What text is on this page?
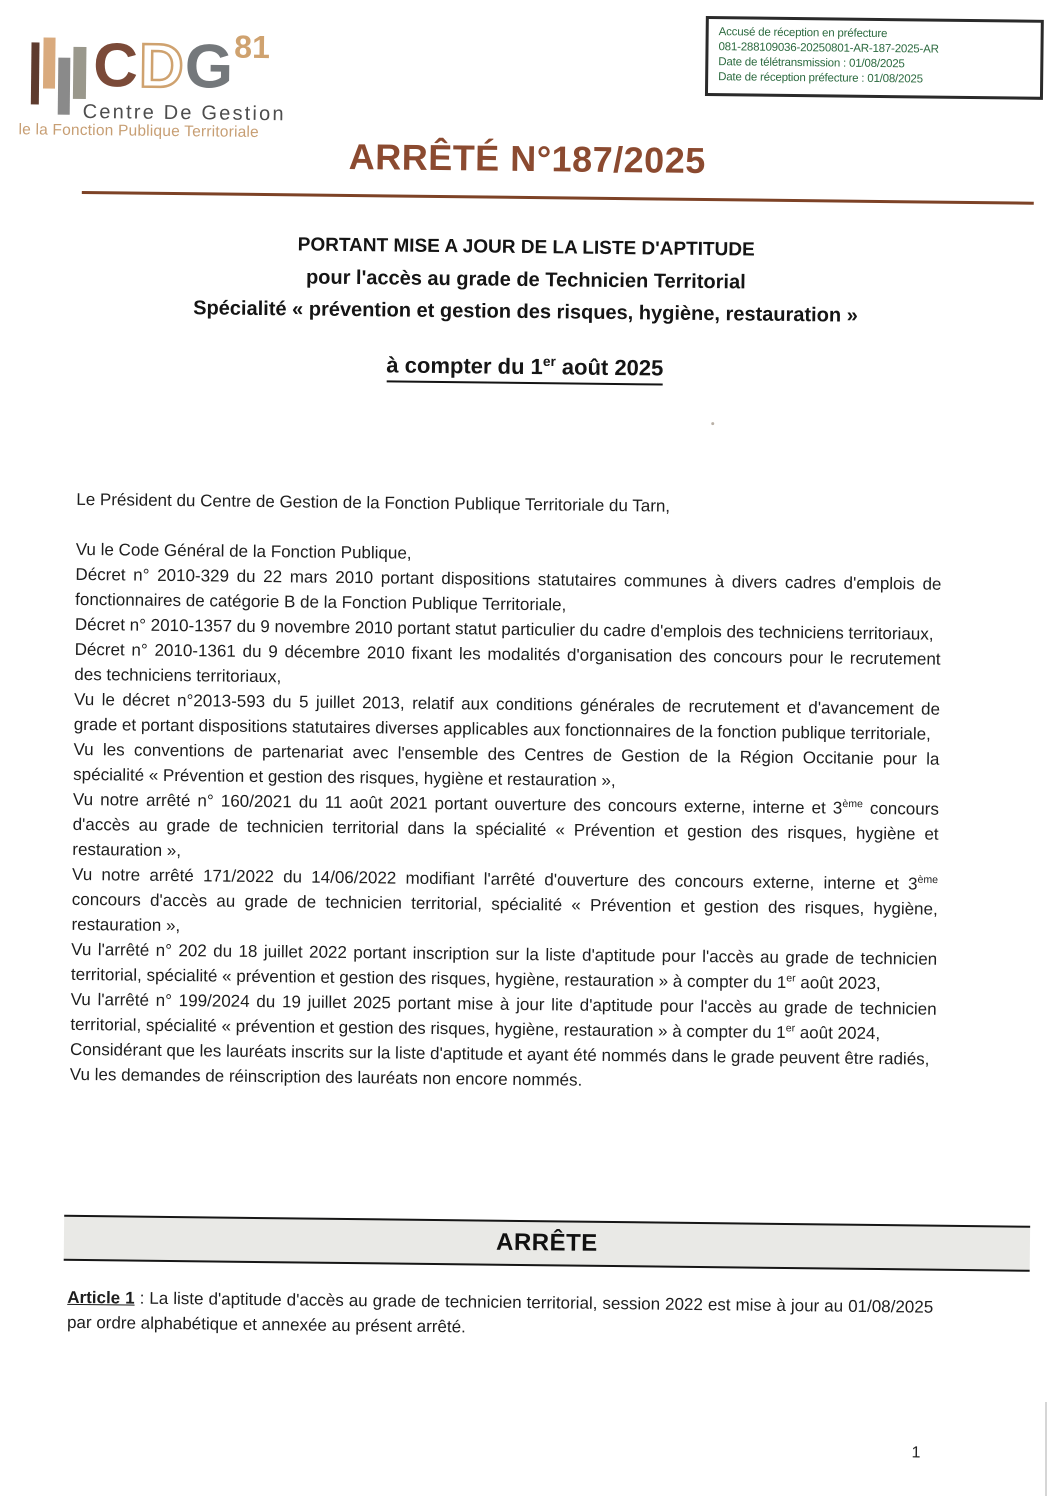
CDG$^{81}$
Centre De Gestion
le la Fonction Publique Territoriale
Accusé de réception en préfecture
081-288109036-20250801-AR-187-2025-AR
Date de télétransmission : 01/08/2025
Date de réception préfecture : 01/08/2025
ARRÊTÉ N°187/2025
PORTANT MISE A JOUR DE LA LISTE D'APTITUDE
pour l'accès au grade de Technicien Territorial
Spécialité « prévention et gestion des risques, hygiène, restauration »
à compter du 1er août 2025

Le Président du Centre de Gestion de la Fonction Publique Territoriale du Tarn,

Vu le Code Général de la Fonction Publique,

Décret n° 2010-329 du 22 mars 2010 portant dispositions statutaires communes à divers cadres d'emplois de fonctionnaires de catégorie B de la Fonction Publique Territoriale,

Décret n° 2010-1357 du 9 novembre 2010 portant statut particulier du cadre d'emplois des techniciens territoriaux,

Décret n° 2010-1361 du 9 décembre 2010 fixant les modalités d'organisation des concours pour le recrutement des techniciens territoriaux,

Vu le décret n°2013-593 du 5 juillet 2013, relatif aux conditions générales de recrutement et d'avancement de grade et portant dispositions statutaires diverses applicables aux fonctionnaires de la fonction publique territoriale,

Vu les conventions de partenariat avec l'ensemble des Centres de Gestion de la Région Occitanie pour la spécialité « Prévention et gestion des risques, hygiène et restauration »,

Vu notre arrêté n° 160/2021 du 11 août 2021 portant ouverture des concours externe, interne et 3ème concours d'accès au grade de technicien territorial dans la spécialité « Prévention et gestion des risques, hygiène et restauration »,

Vu notre arrêté 171/2022 du 14/06/2022 modifiant l'arrêté d'ouverture des concours externe, interne et 3ème concours d'accès au grade de technicien territorial, spécialité « Prévention et gestion des risques, hygiène, restauration »,

Vu l'arrêté n° 202 du 18 juillet 2022 portant inscription sur la liste d'aptitude pour l'accès au grade de technicien territorial, spécialité « prévention et gestion des risques, hygiène, restauration » à compter du 1er août 2023,

Vu l'arrêté n° 199/2024 du 19 juillet 2025 portant mise à jour lite d'aptitude pour l'accès au grade de technicien territorial, spécialité « prévention et gestion des risques, hygiène, restauration » à compter du 1er août 2024,

Considérant que les lauréats inscrits sur la liste d'aptitude et ayant été nommés dans le grade peuvent être radiés,

Vu les demandes de réinscription des lauréats non encore nommés.

ARRÊTE

Article 1 : La liste d'aptitude d'accès au grade de technicien territorial, session 2022 est mise à jour au 01/08/2025 par ordre alphabétique et annexée au présent arrêté.

1
